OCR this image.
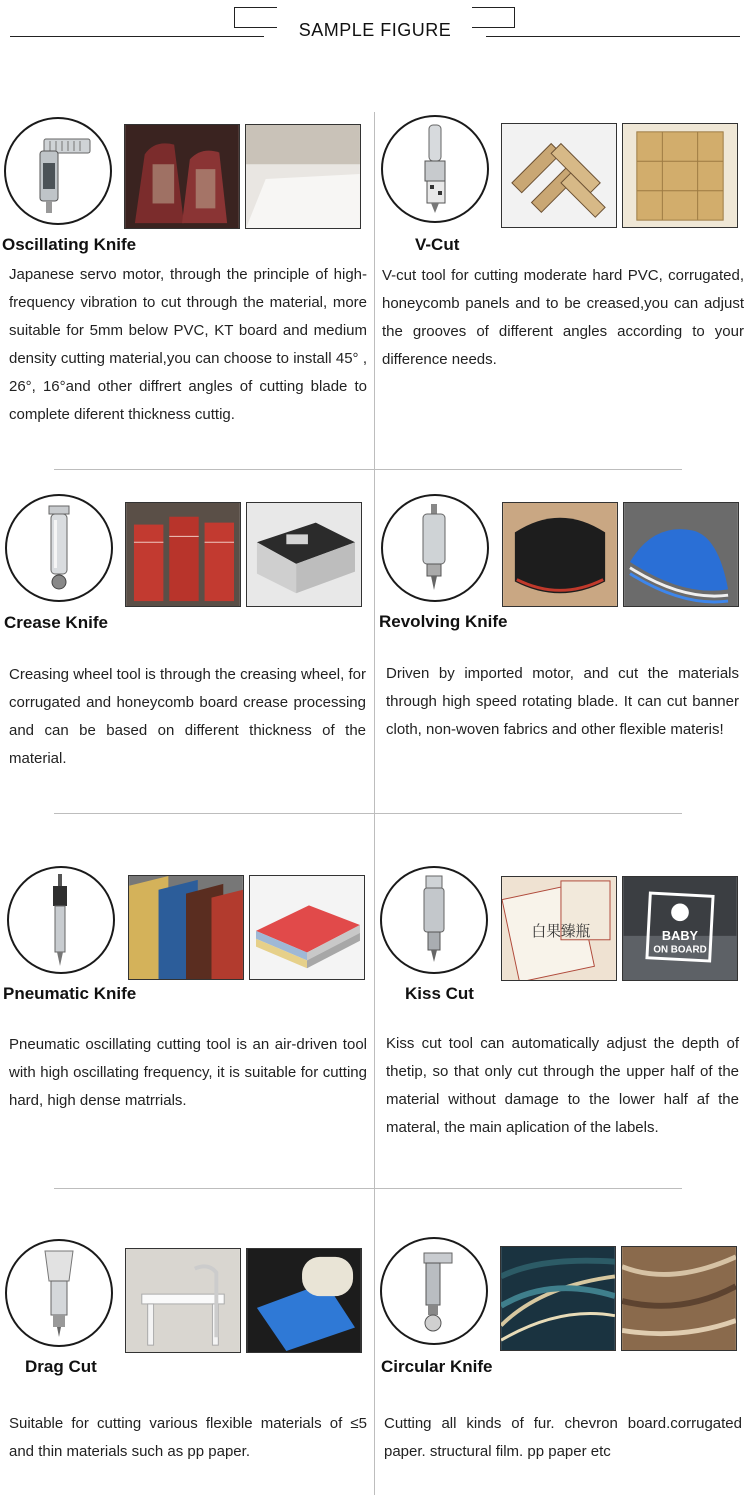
SAMPLE FIGURE
Oscillating Knife
Japanese servo motor, through the principle of high-frequency vibration to cut through the material, more suitable for 5mm below PVC, KT board and medium density cutting material,you can choose to install 45° , 26°, 16°and other diffrert angles of cutting blade to complete diferent thickness cuttig.
V-Cut
V-cut tool for cutting moderate hard PVC, corrugated, honeycomb panels and to be creased,you can adjust the grooves of different angles according to your difference needs.
Crease Knife
Creasing wheel tool is through the creasing wheel, for corrugated and honeycomb board crease processing and can be based on different thickness of the material.
Revolving Knife
Driven by imported motor, and cut the materials through high speed rotating blade. It can cut banner cloth, non-woven fabrics and other flexible materis!
Pneumatic Knife
Pneumatic oscillating cutting tool is an air-driven tool with high oscillating frequency, it is suitable for cutting hard, high dense matrrials.
白果臻瓶	BABY
ON BOARD
Kiss Cut
Kiss cut tool can automatically adjust the depth of thetip, so that only cut through the upper half of the material without damage to the lower half af the materal, the main aplication of the labels.
Drag Cut
Suitable for cutting various flexible materials of ≤5 and thin materials such as pp paper.
Circular Knife
Cutting all kinds of fur. chevron board.corrugated paper. structural film. pp paper etc
